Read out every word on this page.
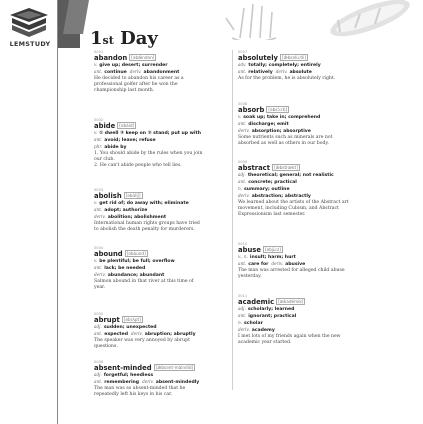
LEMSTUDY	1st Day
0001
abandon [əbǽndən]
v. give up; desert; surrender
ant. continue deriv. abandonment
He decided to abandon his career as a
professional golfer after he won the
championship last month.
0002
abide [əbáid]
v. ① dwell ② keep on ③ stand; put up with
ant. avoid; leave; refuse
phr. abide by
1. You should abide by the rules when you join
our club.
2. He can't abide people who tell lies.
0003
abolish [əbɑ́liʃ]
v. get rid of; do away with; eliminate
ant. adopt; authorize
deriv. abolition; abolishment
International human rights groups have tried
to abolish the death penalty for murderers.
0004
abound [əbáund]
v. be plentiful; be full; overflow
ant. lack; be needed
deriv. abundance; abundant
Salmon abound in that river at this time of
year.
0005
abrupt [əbrʌ́pt]
adj. sudden; unexpected
ant. expected deriv. abruption; abruptly
The speaker was very annoyed by abrupt
questions.
0006
absent-minded [ǽbsənt-máindid]
adj. forgetful; heedless
ant. remembering deriv. absent-mindedly
The man was so absent-minded that he
repeatedly left his keys in his car.
0007
absolutely [ǽbsəlùːtli]
adv. totally; completely; entirely
ant. relatively deriv. absolute
As for the problem, he is absolutely right.
0008
absorb [əbsɔ́ːrb]
v. soak up; take in; comprehend
ant. discharge; emit
deriv. absorption; absorptive
Some nutrients such as minerals are not
absorbed as well as others in our body.
0009
abstract [ǽbstrækt]
adj. theoretical; general; not realistic
ant. concrete; practical
n. summary; outline
deriv. abstraction; abstractly
We learned about the artists of the Abstract art
movement, including Cubism, and Abstract
Expressionism last semester.
0010
abuse [əbjúːz]
v., n. insult; harm; hurt
ant. care for deriv. abusive
The man was arrested for alleged child abuse
yesterday.
0011
academic [ækədémik]
adj. scholarly; learned
ant. ignorant; practical
n. scholar
deriv. academy
I met lots of my friends again when the new
academic year started.
